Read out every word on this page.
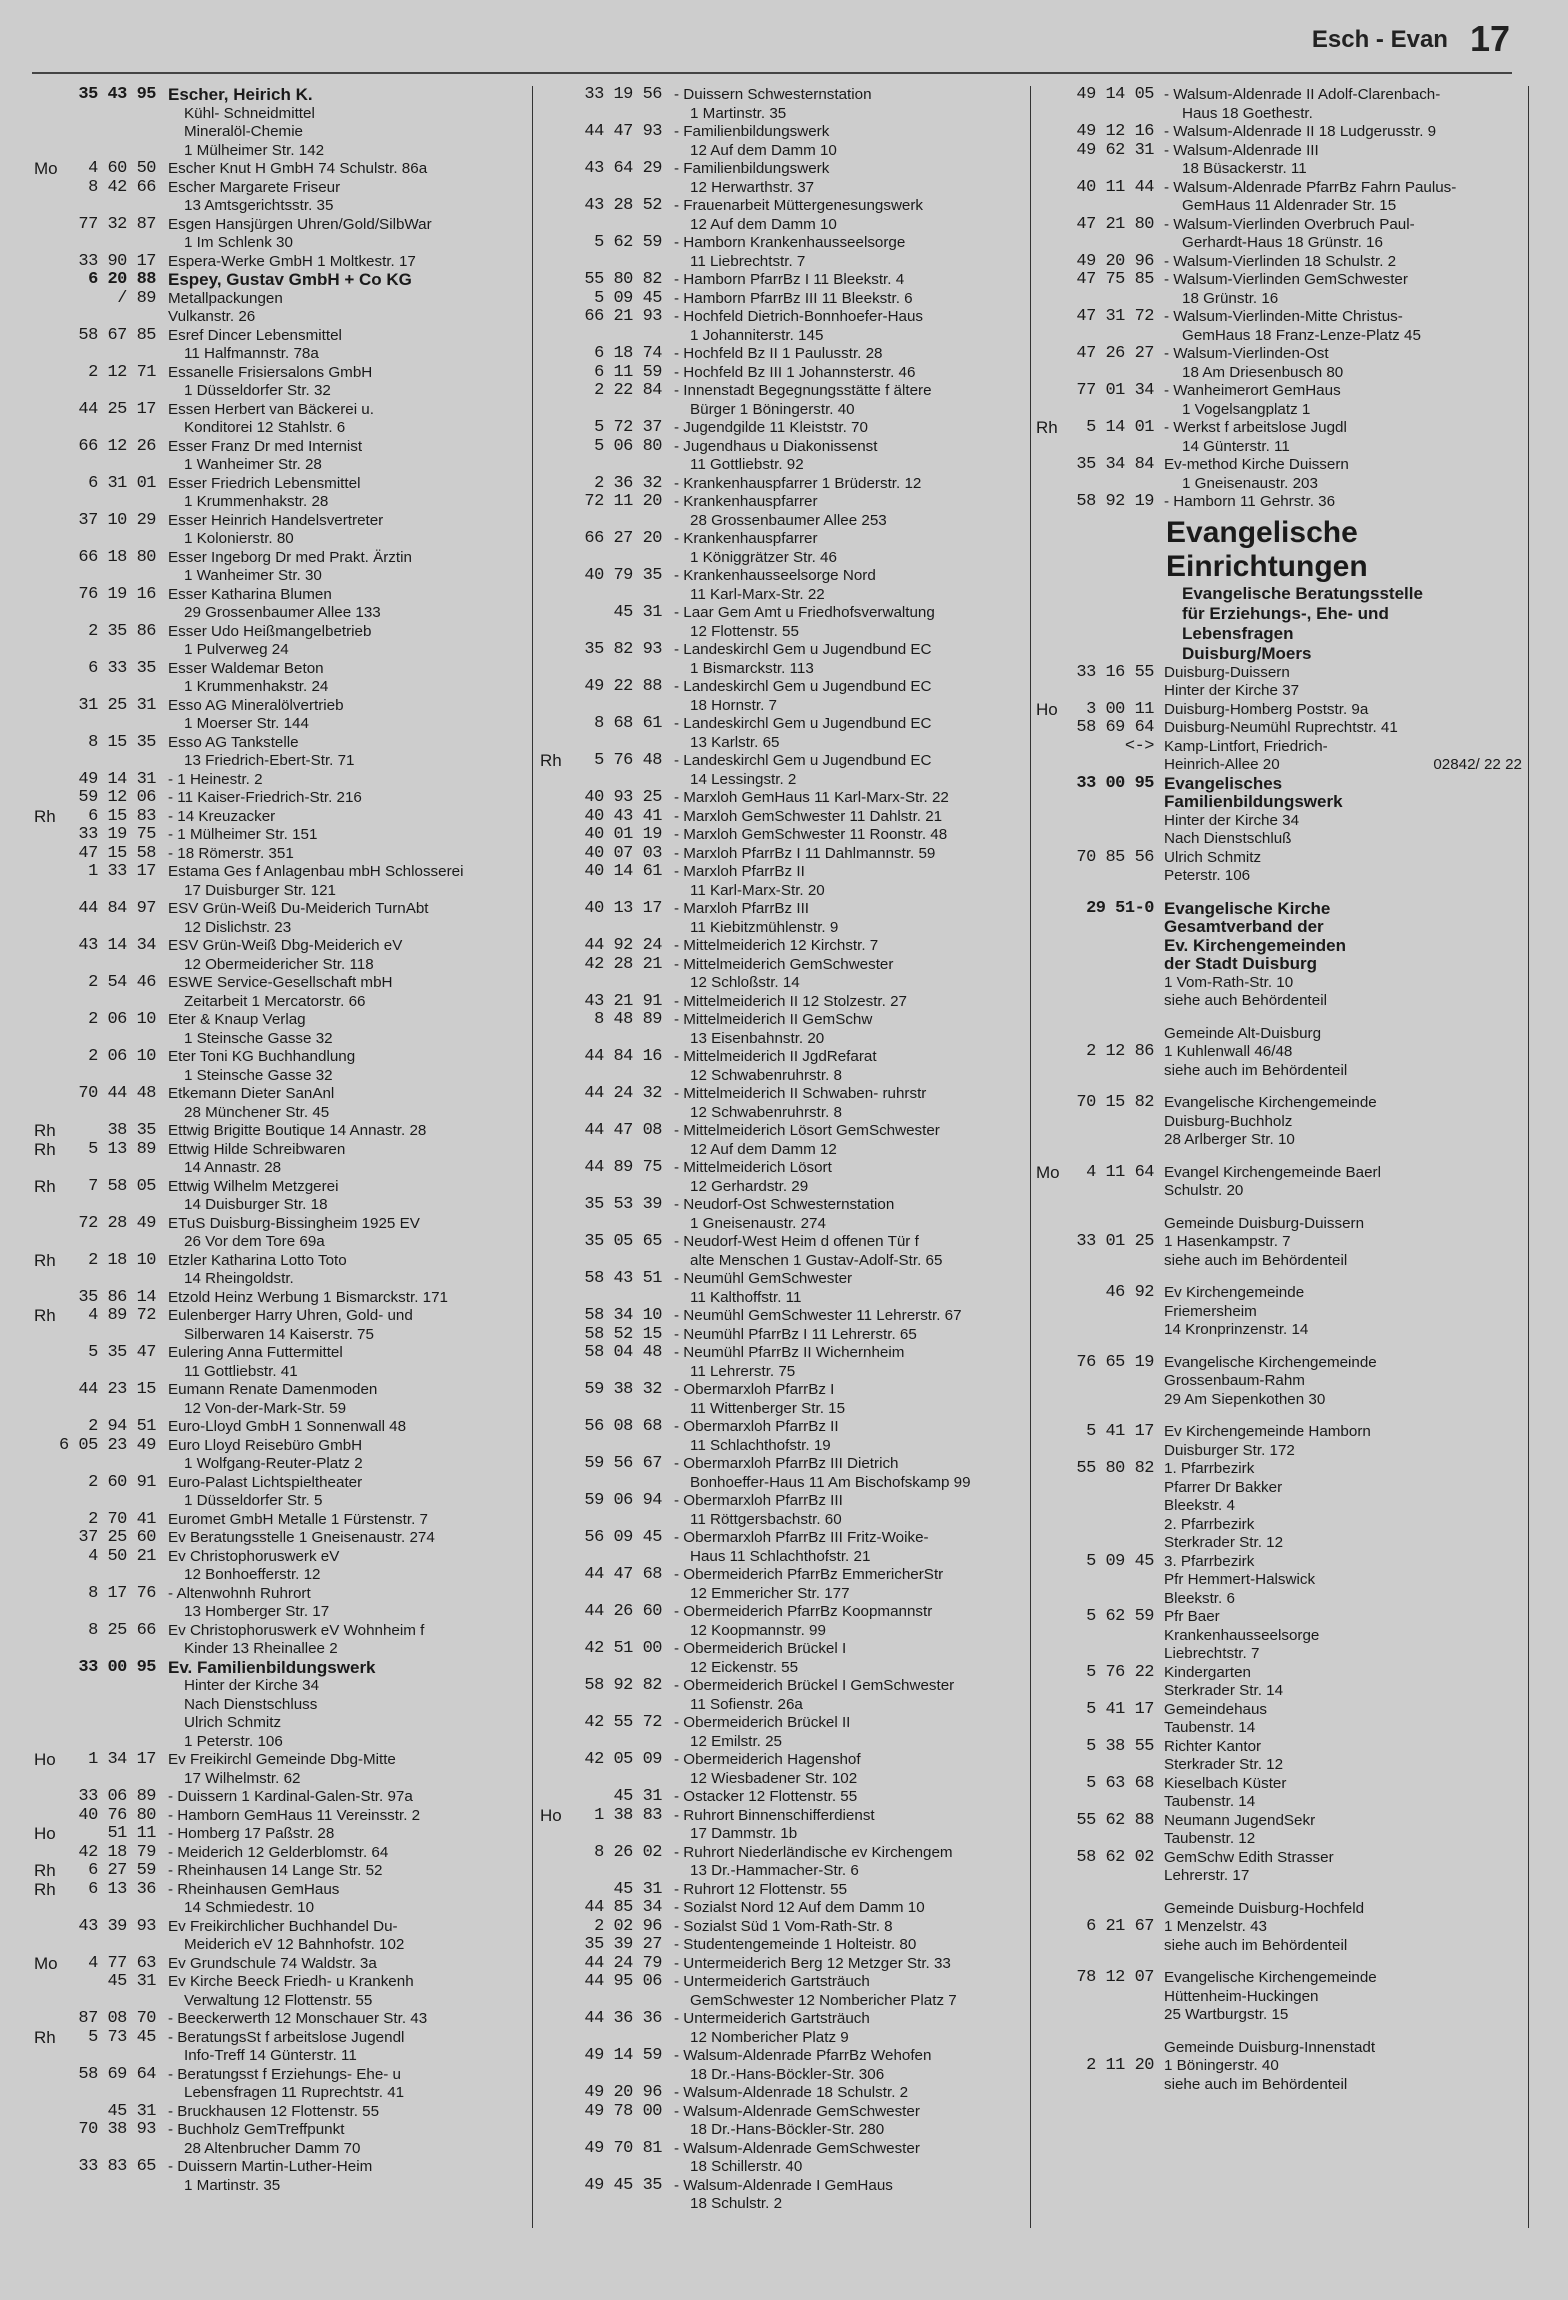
Esch - Evan 17
35 43 95 Escher, Heirich K.
Kühl- Schneidmittel
Mineralöl-Chemie
1 Mülheimer Str. 142
Mo	4 60 50 Escher Knut H GmbH 74 Schulstr. 86a
8 42 66 Escher Margarete Friseur
13 Amtsgerichtsstr. 35
77 32 87 Esgen Hansjürgen Uhren/Gold/SilbWar
1 Im Schlenk 30
33 90 17 Espera-Werke GmbH 1 Moltkestr. 17
6 20 88 Espey, Gustav GmbH + Co KG
/ 89 Metallpackungen
Vulkanstr. 26
58 67 85 Esref Dincer Lebensmittel
11 Halfmannstr. 78a
2 12 71 Essanelle Frisiersalons GmbH
1 Düsseldorfer Str. 32
44 25 17 Essen Herbert van Bäckerei u.
Konditorei 12 Stahlstr. 6
66 12 26 Esser Franz Dr med Internist
1 Wanheimer Str. 28
6 31 01 Esser Friedrich Lebensmittel
1 Krummenhakstr. 28
37 10 29 Esser Heinrich Handelsvertreter
1 Kolonierstr. 80
66 18 80 Esser Ingeborg Dr med Prakt. Ärztin
1 Wanheimer Str. 30
76 19 16 Esser Katharina Blumen
29 Grossenbaumer Allee 133
2 35 86 Esser Udo Heißmangelbetrieb
1 Pulverweg 24
6 33 35 Esser Waldemar Beton
1 Krummenhakstr. 24
31 25 31 Esso AG Mineralölvertrieb
1 Moerser Str. 144
8 15 35 Esso AG Tankstelle
13 Friedrich-Ebert-Str. 71
49 14 31 - 1 Heinestr. 2
59 12 06 - 11 Kaiser-Friedrich-Str. 216
Rh	6 15 83 - 14 Kreuzacker
33 19 75 - 1 Mülheimer Str. 151
47 15 58 - 18 Römerstr. 351
1 33 17 Estama Ges f Anlagenbau mbH Schlosserei
17 Duisburger Str. 121
44 84 97 ESV Grün-Weiß Du-Meiderich TurnAbt
12 Dislichstr. 23
43 14 34 ESV Grün-Weiß Dbg-Meiderich eV
12 Obermeidericher Str. 118
2 54 46 ESWE Service-Gesellschaft mbH
Zeitarbeit 1 Mercatorstr. 66
2 06 10 Eter & Knaup Verlag
1 Steinsche Gasse 32
2 06 10 Eter Toni KG Buchhandlung
1 Steinsche Gasse 32
70 44 48 Etkemann Dieter SanAnl
28 Münchener Str. 45
Rh	38 35 Ettwig Brigitte Boutique 14 Annastr. 28
Rh	5 13 89 Ettwig Hilde Schreibwaren
14 Annastr. 28
Rh	7 58 05 Ettwig Wilhelm Metzgerei
14 Duisburger Str. 18
72 28 49 ETuS Duisburg-Bissingheim 1925 EV
26 Vor dem Tore 69a
Rh	2 18 10 Etzler Katharina Lotto Toto
14 Rheingoldstr.
35 86 14 Etzold Heinz Werbung 1 Bismarckstr. 171
Rh	4 89 72 Eulenberger Harry Uhren, Gold- und
Silberwaren 14 Kaiserstr. 75
5 35 47 Eulering Anna Futtermittel
11 Gottliebstr. 41
44 23 15 Eumann Renate Damenmoden
12 Von-der-Mark-Str. 59
2 94 51 Euro-Lloyd GmbH 1 Sonnenwall 48
6 05 23 49 Euro Lloyd Reisebüro GmbH
1 Wolfgang-Reuter-Platz 2
2 60 91 Euro-Palast Lichtspieltheater
1 Düsseldorfer Str. 5
2 70 41 Euromet GmbH Metalle 1 Fürstenstr. 7
37 25 60 Ev Beratungsstelle 1 Gneisenaustr. 274
4 50 21 Ev Christophoruswerk eV
12 Bonhoefferstr. 12
8 17 76 - Altenwohnh Ruhrort
13 Homberger Str. 17
8 25 66 Ev Christophoruswerk eV Wohnheim f
Kinder 13 Rheinallee 2
33 00 95 Ev. Familienbildungswerk
Hinter der Kirche 34
Nach Dienstschluss
Ulrich Schmitz
1 Peterstr. 106
Ho	1 34 17 Ev Freikirchl Gemeinde Dbg-Mitte
17 Wilhelmstr. 62
33 06 89 - Duissern 1 Kardinal-Galen-Str. 97a
40 76 80 - Hamborn GemHaus 11 Vereinsstr. 2
Ho	51 11 - Homberg 17 Paßstr. 28
42 18 79 - Meiderich 12 Gelderblomstr. 64
Rh	6 27 59 - Rheinhausen 14 Lange Str. 52
Rh	6 13 36 - Rheinhausen GemHaus
14 Schmiedestr. 10
43 39 93 Ev Freikirchlicher Buchhandel Du-
Meiderich eV 12 Bahnhofstr. 102
Mo	4 77 63 Ev Grundschule 74 Waldstr. 3a
45 31 Ev Kirche Beeck Friedh- u Krankenh
Verwaltung 12 Flottenstr. 55
87 08 70 - Beeckerwerth 12 Monschauer Str. 43
Rh	5 73 45 - BeratungsSt f arbeitslose Jugendl
Info-Treff 14 Günterstr. 11
58 69 64 - Beratungsst f Erziehungs- Ehe- u
Lebensfragen 11 Ruprechtstr. 41
45 31 - Bruckhausen 12 Flottenstr. 55
70 38 93 - Buchholz GemTreffpunkt
28 Altenbrucher Damm 70
33 83 65 - Duissern Martin-Luther-Heim
1 Martinstr. 35
33 19 56 - Duissern Schwesternstation
1 Martinstr. 35
44 47 93 - Familienbildungswerk
12 Auf dem Damm 10
43 64 29 - Familienbildungswerk
12 Herwarthstr. 37
43 28 52 - Frauenarbeit Müttergenesungswerk
12 Auf dem Damm 10
5 62 59 - Hamborn Krankenhausseelsorge
11 Liebrechtstr. 7
55 80 82 - Hamborn PfarrBz I 11 Bleekstr. 4
5 09 45 - Hamborn PfarrBz III 11 Bleekstr. 6
66 21 93 - Hochfeld Dietrich-Bonnhoefer-Haus
1 Johanniterstr. 145
6 18 74 - Hochfeld Bz II 1 Paulusstr. 28
6 11 59 - Hochfeld Bz III 1 Johannsterstr. 46
2 22 84 - Innenstadt Begegnungsstätte f ältere
Bürger 1 Böningerstr. 40
5 72 37 - Jugendgilde 11 Kleiststr. 70
5 06 80 - Jugendhaus u Diakonissenst
11 Gottliebstr. 92
2 36 32 - Krankenhauspfarrer 1 Brüderstr. 12
72 11 20 - Krankenhauspfarrer
28 Grossenbaumer Allee 253
66 27 20 - Krankenhauspfarrer
1 Königgrätzer Str. 46
40 79 35 - Krankenhausseelsorge Nord
11 Karl-Marx-Str. 22
45 31 - Laar Gem Amt u Friedhofsverwaltung
12 Flottenstr. 55
35 82 93 - Landeskirchl Gem u Jugendbund EC
1 Bismarckstr. 113
49 22 88 - Landeskirchl Gem u Jugendbund EC
18 Hornstr. 7
8 68 61 - Landeskirchl Gem u Jugendbund EC
13 Karlstr. 65
Rh	5 76 48 - Landeskirchl Gem u Jugendbund EC
14 Lessingstr. 2
40 93 25 - Marxloh GemHaus 11 Karl-Marx-Str. 22
40 43 41 - Marxloh GemSchwester 11 Dahlstr. 21
40 01 19 - Marxloh GemSchwester 11 Roonstr. 48
40 07 03 - Marxloh PfarrBz I 11 Dahlmannstr. 59
40 14 61 - Marxloh PfarrBz II
11 Karl-Marx-Str. 20
40 13 17 - Marxloh PfarrBz III
11 Kiebitzmühlenstr. 9
44 92 24 - Mittelmeiderich 12 Kirchstr. 7
42 28 21 - Mittelmeiderich GemSchwester
12 Schloßstr. 14
43 21 91 - Mittelmeiderich II 12 Stolzestr. 27
8 48 89 - Mittelmeiderich II GemSchw
13 Eisenbahnstr. 20
44 84 16 - Mittelmeiderich II JgdRefarat
12 Schwabenruhrstr. 8
44 24 32 - Mittelmeiderich II Schwaben- ruhrstr
12 Schwabenruhrstr. 8
44 47 08 - Mittelmeiderich Lösort GemSchwester
12 Auf dem Damm 12
44 89 75 - Mittelmeiderich Lösort
12 Gerhardstr. 29
35 53 39 - Neudorf-Ost Schwesternstation
1 Gneisenaustr. 274
35 05 65 - Neudorf-West Heim d offenen Tür f
alte Menschen 1 Gustav-Adolf-Str. 65
58 43 51 - Neumühl GemSchwester
11 Kalthoffstr. 11
58 34 10 - Neumühl GemSchwester 11 Lehrerstr. 67
58 52 15 - Neumühl PfarrBz I 11 Lehrerstr. 65
58 04 48 - Neumühl PfarrBz II Wichernheim
11 Lehrerstr. 75
59 38 32 - Obermarxloh PfarrBz I
11 Wittenberger Str. 15
56 08 68 - Obermarxloh PfarrBz II
11 Schlachthofstr. 19
59 56 67 - Obermarxloh PfarrBz III Dietrich
Bonhoeffer-Haus 11 Am Bischofskamp 99
59 06 94 - Obermarxloh PfarrBz III
11 Röttgersbachstr. 60
56 09 45 - Obermarxloh PfarrBz III Fritz-Woike-
Haus 11 Schlachthofstr. 21
44 47 68 - Obermeiderich PfarrBz EmmericherStr
12 Emmericher Str. 177
44 26 60 - Obermeiderich PfarrBz Koopmannstr
12 Koopmannstr. 99
42 51 00 - Obermeiderich Brückel I
12 Eickenstr. 55
58 92 82 - Obermeiderich Brückel I GemSchwester
11 Sofienstr. 26a
42 55 72 - Obermeiderich Brückel II
12 Emilstr. 25
42 05 09 - Obermeiderich Hagenshof
12 Wiesbadener Str. 102
45 31 - Ostacker 12 Flottenstr. 55
Ho	1 38 83 - Ruhrort Binnenschifferdienst
17 Dammstr. 1b
8 26 02 - Ruhrort Niederländische ev Kirchengem
13 Dr.-Hammacher-Str. 6
45 31 - Ruhrort 12 Flottenstr. 55
44 85 34 - Sozialst Nord 12 Auf dem Damm 10
2 02 96 - Sozialst Süd 1 Vom-Rath-Str. 8
35 39 27 - Studentengemeinde 1 Holteistr. 80
44 24 79 - Untermeiderich Berg 12 Metzger Str. 33
44 95 06 - Untermeiderich Gartsträuch
GemSchwester 12 Nombericher Platz 7
44 36 36 - Untermeiderich Gartsträuch
12 Nombericher Platz 9
49 14 59 - Walsum-Aldenrade PfarrBz Wehofen
18 Dr.-Hans-Böckler-Str. 306
49 20 96 - Walsum-Aldenrade 18 Schulstr. 2
49 78 00 - Walsum-Aldenrade GemSchwester
18 Dr.-Hans-Böckler-Str. 280
49 70 81 - Walsum-Aldenrade GemSchwester
18 Schillerstr. 40
49 45 35 - Walsum-Aldenrade I GemHaus
18 Schulstr. 2
49 14 05 - Walsum-Aldenrade II Adolf-Clarenbach-
Haus 18 Goethestr.
49 12 16 - Walsum-Aldenrade II 18 Ludgerusstr. 9
49 62 31 - Walsum-Aldenrade III
18 Büsackerstr. 11
40 11 44 - Walsum-Aldenrade PfarrBz Fahrn Paulus-
GemHaus 11 Aldenrader Str. 15
47 21 80 - Walsum-Vierlinden Overbruch Paul-
Gerhardt-Haus 18 Grünstr. 16
49 20 96 - Walsum-Vierlinden 18 Schulstr. 2
47 75 85 - Walsum-Vierlinden GemSchwester
18 Grünstr. 16
47 31 72 - Walsum-Vierlinden-Mitte Christus-
GemHaus 18 Franz-Lenze-Platz 45
47 26 27 - Walsum-Vierlinden-Ost
18 Am Driesenbusch 80
77 01 34 - Wanheimerort GemHaus
1 Vogelsangplatz 1
Rh	5 14 01 - Werkst f arbeitslose Jugdl
14 Günterstr. 11
35 34 84 Ev-method Kirche Duissern
1 Gneisenaustr. 203
58 92 19 - Hamborn 11 Gehrstr. 36
Evangelische
Einrichtungen
Evangelische Beratungsstelle
für Erziehungs-, Ehe- und
Lebensfragen
Duisburg/Moers
33 16 55 Duisburg-Duissern
Hinter der Kirche 37
Ho	3 00 11 Duisburg-Homberg Poststr. 9a
58 69 64 Duisburg-Neumühl Ruprechtstr. 41
<-> Kamp-Lintfort, Friedrich-
Heinrich-Allee 20	02842/ 22 22
33 00 95 Evangelisches
Familienbildungswerk
Hinter der Kirche 34
Nach Dienstschluß
70 85 56 Ulrich Schmitz
Peterstr. 106
29 51-0 Evangelische Kirche
Gesamtverband der
Ev. Kirchengemeinden
der Stadt Duisburg
1 Vom-Rath-Str. 10
siehe auch Behördenteil
Gemeinde Alt-Duisburg
2 12 86 1 Kuhlenwall 46/48
siehe auch im Behördenteil
70 15 82 Evangelische Kirchengemeinde
Duisburg-Buchholz
28 Arlberger Str. 10
Mo	4 11 64 Evangel Kirchengemeinde Baerl
Schulstr. 20
Gemeinde Duisburg-Duissern
33 01 25 1 Hasenkampstr. 7
siehe auch im Behördenteil
46 92 Ev Kirchengemeinde
Friemersheim
14 Kronprinzenstr. 14
76 65 19 Evangelische Kirchengemeinde
Grossenbaum-Rahm
29 Am Siepenkothen 30
5 41 17 Ev Kirchengemeinde Hamborn
Duisburger Str. 172
55 80 82 1. Pfarrbezirk
Pfarrer Dr Bakker
Bleekstr. 4
2. Pfarrbezirk
Sterkrader Str. 12
5 09 45 3. Pfarrbezirk
Pfr Hemmert-Halswick
Bleekstr. 6
5 62 59 Pfr Baer
Krankenhausseelsorge
Liebrechtstr. 7
5 76 22 Kindergarten
Sterkrader Str. 14
5 41 17 Gemeindehaus
Taubenstr. 14
5 38 55 Richter Kantor
Sterkrader Str. 12
5 63 68 Kieselbach Küster
Taubenstr. 14
55 62 88 Neumann JugendSekr
Taubenstr. 12
58 62 02 GemSchw Edith Strasser
Lehrerstr. 17
Gemeinde Duisburg-Hochfeld
6 21 67 1 Menzelstr. 43
siehe auch im Behördenteil
78 12 07 Evangelische Kirchengemeinde
Hüttenheim-Huckingen
25 Wartburgstr. 15
Gemeinde Duisburg-Innenstadt
2 11 20 1 Böningerstr. 40
siehe auch im Behördenteil
